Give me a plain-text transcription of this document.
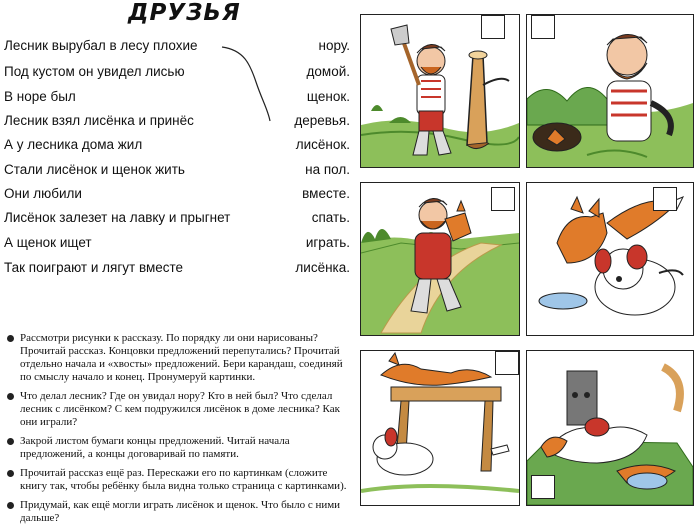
ДРУЗЬЯ
Лесник вырубал в лесу плохие	нору.
Под кустом он увидел лисью	домой.
В норе был	щенок.
Лесник взял лисёнка и принёс	деревья.
А у лесника дома жил	лисёнок.
Стали лисёнок и щенок жить	на пол.
Они любили	вместе.
Лисёнок залезет на лавку и прыгнет	спать.
А щенок ищет	играть.
Так поиграют и лягут вместе	лисёнка.
Рассмотри рисунки к рассказу. По порядку ли они нарисованы? Прочитай рассказ. Концовки предложений перепутались? Прочитай отдельно начала и «хвосты» предложений. Бери карандаш, соединяй по смыслу начало и конец. Пронумеруй картинки.
Что делал лесник? Где он увидал нору? Кто в ней был? Что сделал лесник с лисёнком? С кем подружился лисёнок в доме лесника? Как они играли?
Закрой листом бумаги концы предложений. Читай начала предложений, а концы договаривай по памяти.
Прочитай рассказ ещё раз. Перескажи его по картинкам (сложите книгу так, чтобы ребёнку была видна только страница с картинками).
Придумай, как ещё могли играть лисёнок и щенок. Что было с ними дальше?
